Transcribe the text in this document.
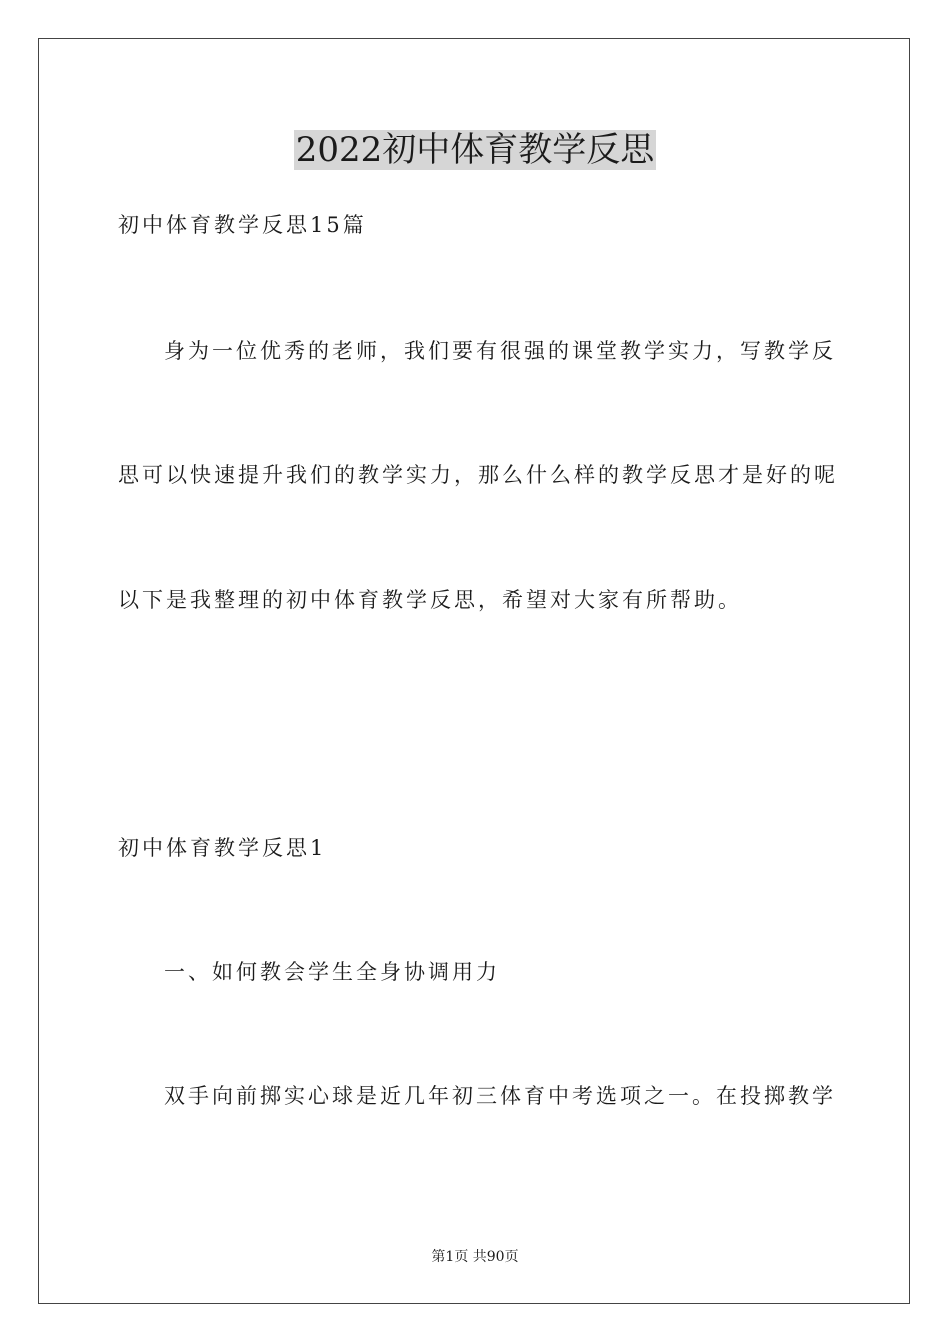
2022初中体育教学反思
初中体育教学反思15篇
身为一位优秀的老师，我们要有很强的课堂教学实力，写教学反
思可以快速提升我们的教学实力，那么什么样的教学反思才是好的呢
以下是我整理的初中体育教学反思，希望对大家有所帮助。
初中体育教学反思1
一、如何教会学生全身协调用力
双手向前掷实心球是近几年初三体育中考选项之一。在投掷教学
第1页 共90页
